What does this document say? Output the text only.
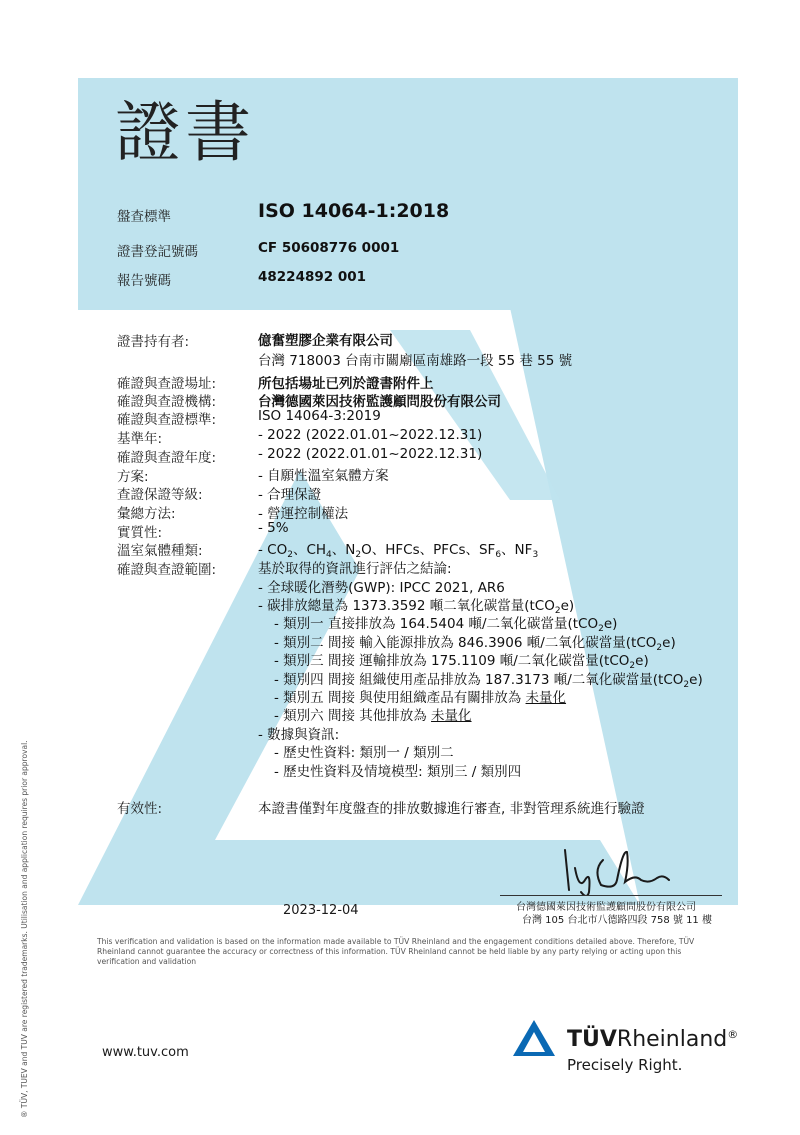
證書
盤查標準	ISO 14064-1:2018
證書登記號碼	CF 50608776 0001
報告號碼	48224892 001
證書持有者:	億奮塑膠企業有限公司
台灣 718003 台南市關廟區南雄路一段 55 巷 55 號
確證與查證場址:	所包括場址已列於證書附件上
確證與查證機構:	台灣德國萊因技術監護顧問股份有限公司
確證與查證標準:	ISO 14064-3:2019
基準年:	- 2022 (2022.01.01~2022.12.31)
確證與查證年度:	- 2022 (2022.01.01~2022.12.31)
方案:	- 自願性溫室氣體方案
查證保證等級:	- 合理保證
彙總方法:	- 營運控制權法
實質性:	- 5%
溫室氣體種類:	- $CO_2$、$CH_4$、$N_2O$、HFCs、PFCs、$SF_6$、$NF_3$
確證與查證範圍:	基於取得的資訊進行評估之結論:
- 全球暖化潛勢(GWP): IPCC 2021, AR6
- 碳排放總量為 1373.3592 噸二氧化碳當量(tCO$_2$e)
- 類別一 直接排放為 164.5404 噸/二氧化碳當量(tCO$_2$e)
- 類別二 間接 輸入能源排放為 846.3906 噸/二氧化碳當量(tCO$_2$e)
- 類別三 間接 運輸排放為 175.1109 噸/二氧化碳當量(tCO$_2$e)
- 類別四 間接 組織使用產品排放為 187.3173 噸/二氧化碳當量(tCO$_2$e)
- 類別五 間接 與使用組織產品有關排放為 未量化
- 類別六 間接 其他排放為 未量化
- 數據與資訊:
- 歷史性資料: 類別一 / 類別二
- 歷史性資料及情境模型: 類別三 / 類別四
有效性:	本證書僅對年度盤查的排放數據進行審查, 非對管理系統進行驗證
台灣德國萊因技術監護顧問股份有限公司
台灣 105 台北市八德路四段 758 號 11 樓
2023-12-04
This verification and validation is based on the information made available to TÜV Rheinland and the engagement conditions detailed above. Therefore, TÜV Rheinland cannot guarantee the accuracy or correctness of this information. TÜV Rheinland cannot be held liable by any party relying or acting upon this verification and validation
® TÜV, TUEV and TUV are registered trademarks. Utilisation and application requires prior approval.	www.tuv.com
TÜVRheinland®
Precisely Right.
